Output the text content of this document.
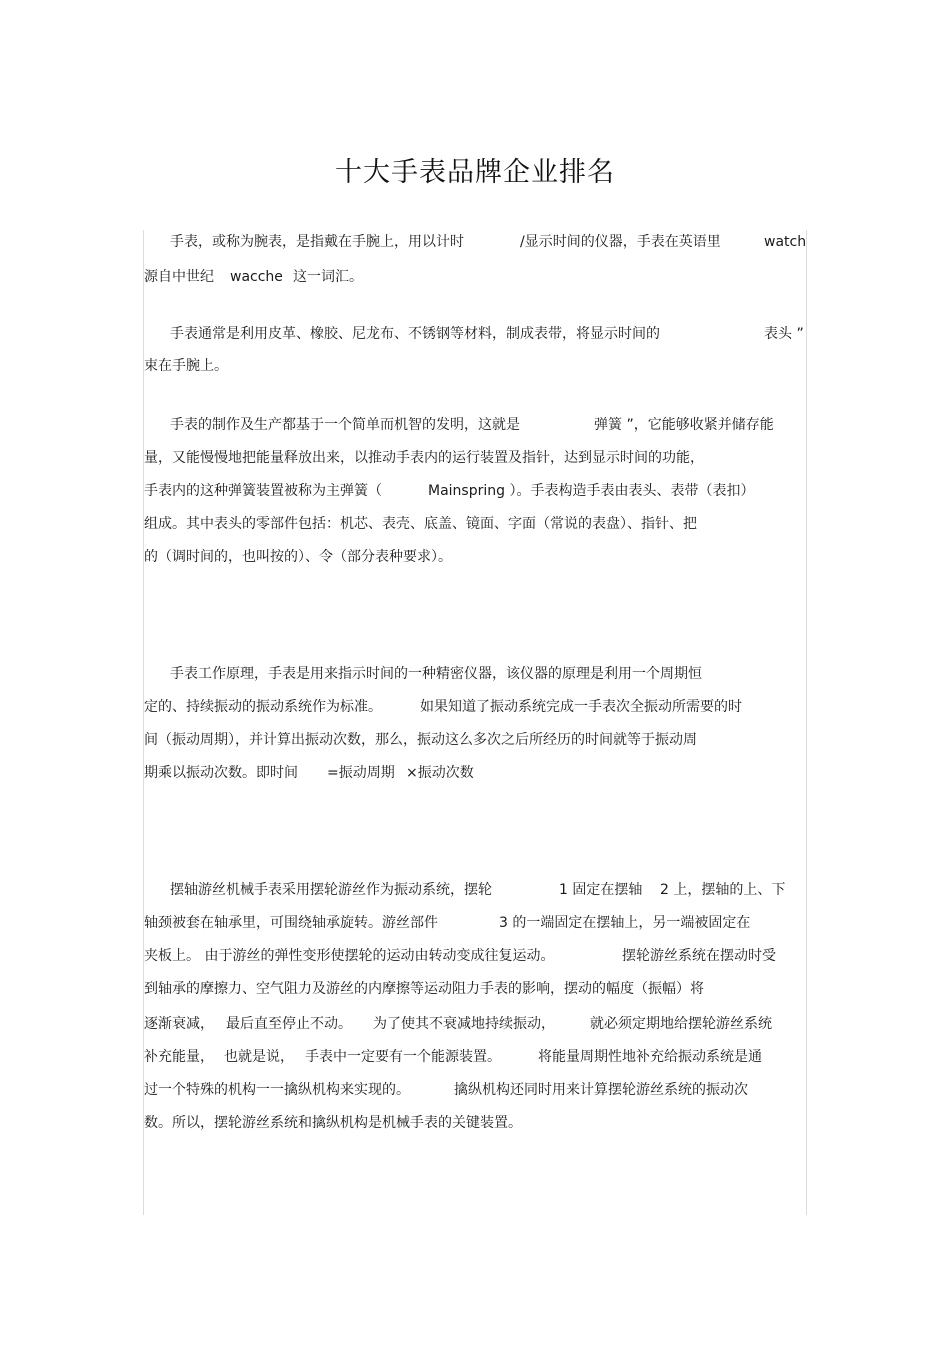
十大手表品牌企业排名
手表，或称为腕表，是指戴在手腕上，用以计时	/显示时间的仪器，手表在英语里	watch
源自中世纪 wacche 这一词汇。
手表通常是利用皮革、橡胶、尼龙布、不锈钢等材料，制成表带，将显示时间的	表头 ”
束在手腕上。
手表的制作及生产都基于一个简单而机智的发明，这就是	弹簧 ”，它能够收紧并储存能
量，又能慢慢地把能量释放出来，以推动手表内的运行装置及指针，达到显示时间的功能，
手表内的这种弹簧装置被称为主弹簧（	Mainspring ）。手表构造手表由表头、表带（表扣）
组成。其中表头的零部件包括：机芯、表壳、底盖、镜面、字面（常说的表盘）、指针、把
的（调时间的，也叫按的）、令（部分表种要求）。
手表工作原理，手表是用来指示时间的一种精密仪器，该仪器的原理是利用一个周期恒
定的、持续振动的振动系统作为标准。	如果知道了振动系统完成一手表次全振动所需要的时
间（振动周期），并计算出振动次数，那么，振动这么多次之后所经历的时间就等于振动周
期乘以振动次数。即时间 =振动周期 ×振动次数
摆轴游丝机械手表采用摆轮游丝作为振动系统，摆轮	1 固定在摆轴 2 上，摆轴的上、下
轴颈被套在轴承里，可围绕轴承旋转。游丝部件	3 的一端固定在摆轴上，另一端被固定在
夹板上。 由于游丝的弹性变形使摆轮的运动由转动变成往复运动。	摆轮游丝系统在摆动时受
到轴承的摩擦力、空气阻力及游丝的内摩擦等运动阻力手表的影响，摆动的幅度（振幅）将
逐渐衰减， 最后直至停止不动。 为了使其不衰减地持续振动，	就必须定期地给摆轮游丝系统
补充能量， 也就是说， 手表中一定要有一个能源装置。	将能量周期性地补充给振动系统是通
过一个特殊的机构一一擒纵机构来实现的。	擒纵机构还同时用来计算摆轮游丝系统的振动次
数。所以，摆轮游丝系统和擒纵机构是机械手表的关键装置。
